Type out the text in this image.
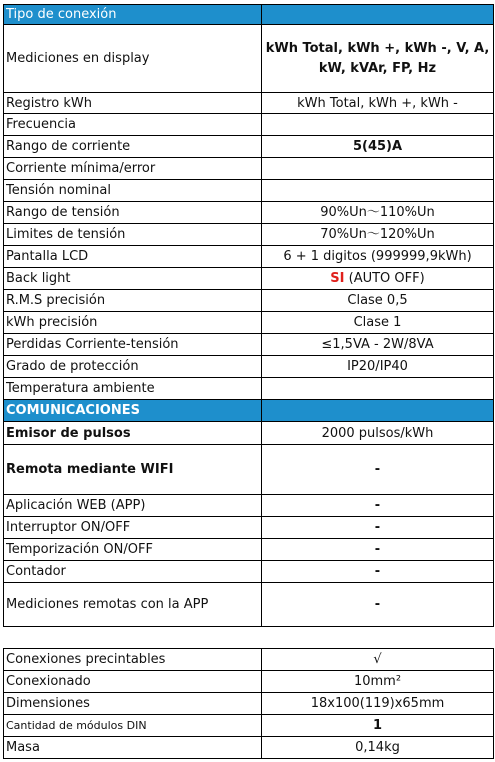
Tipo de conexión	
Mediciones en display	kWh Total, kWh +, kWh -, V, A, kW, kVAr, FP, Hz
Registro kWh	kWh Total, kWh +, kWh -
Frecuencia	
Rango de corriente	5(45)A
Corriente mínima/error	
Tensión nominal	
Rango de tensión	90%Un～110%Un
Limites de tensión	70%Un～120%Un
Pantalla LCD	6 + 1 digitos (999999,9kWh)
Back light	SI (AUTO OFF)
R.M.S precisión	Clase 0,5
kWh precisión	Clase 1
Perdidas Corriente-tensión	≤1,5VA - 2W/8VA
Grado de protección	IP20/IP40
Temperatura ambiente	
COMUNICACIONES	
Emisor de pulsos	2000 pulsos/kWh
Remota mediante WIFI	-
Aplicación WEB (APP)	-
Interruptor ON/OFF	-
Temporización ON/OFF	-
Contador	-
Mediciones remotas con la APP	-
Conexiones precintables	√
Conexionado	10mm²
Dimensiones	18x100(119)x65mm
Cantidad de módulos DIN	1
Masa	0,14kg
